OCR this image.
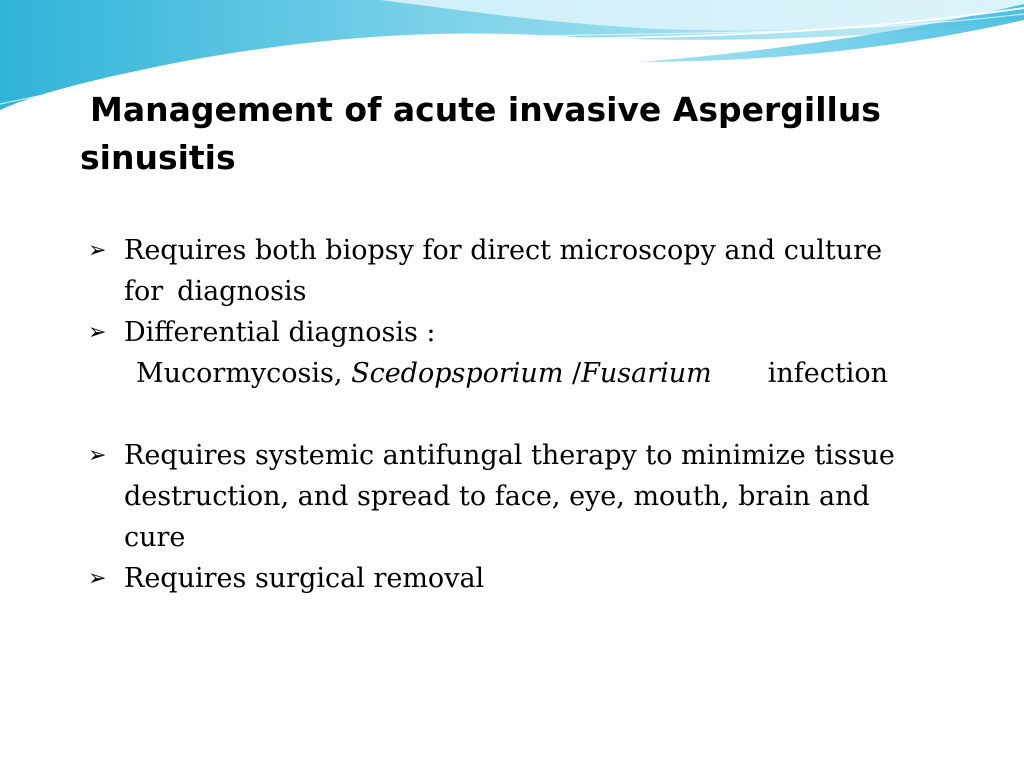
Management of acute invasive Aspergillus
sinusitis
➢ Requires both biopsy for direct microscopy and culture
for diagnosis
➢ Differential diagnosis :
Mucormycosis, Scedopsporium /Fusarium infection
➢ Requires systemic antifungal therapy to minimize tissue
destruction, and spread to face, eye, mouth, brain and
cure
➢ Requires surgical removal
